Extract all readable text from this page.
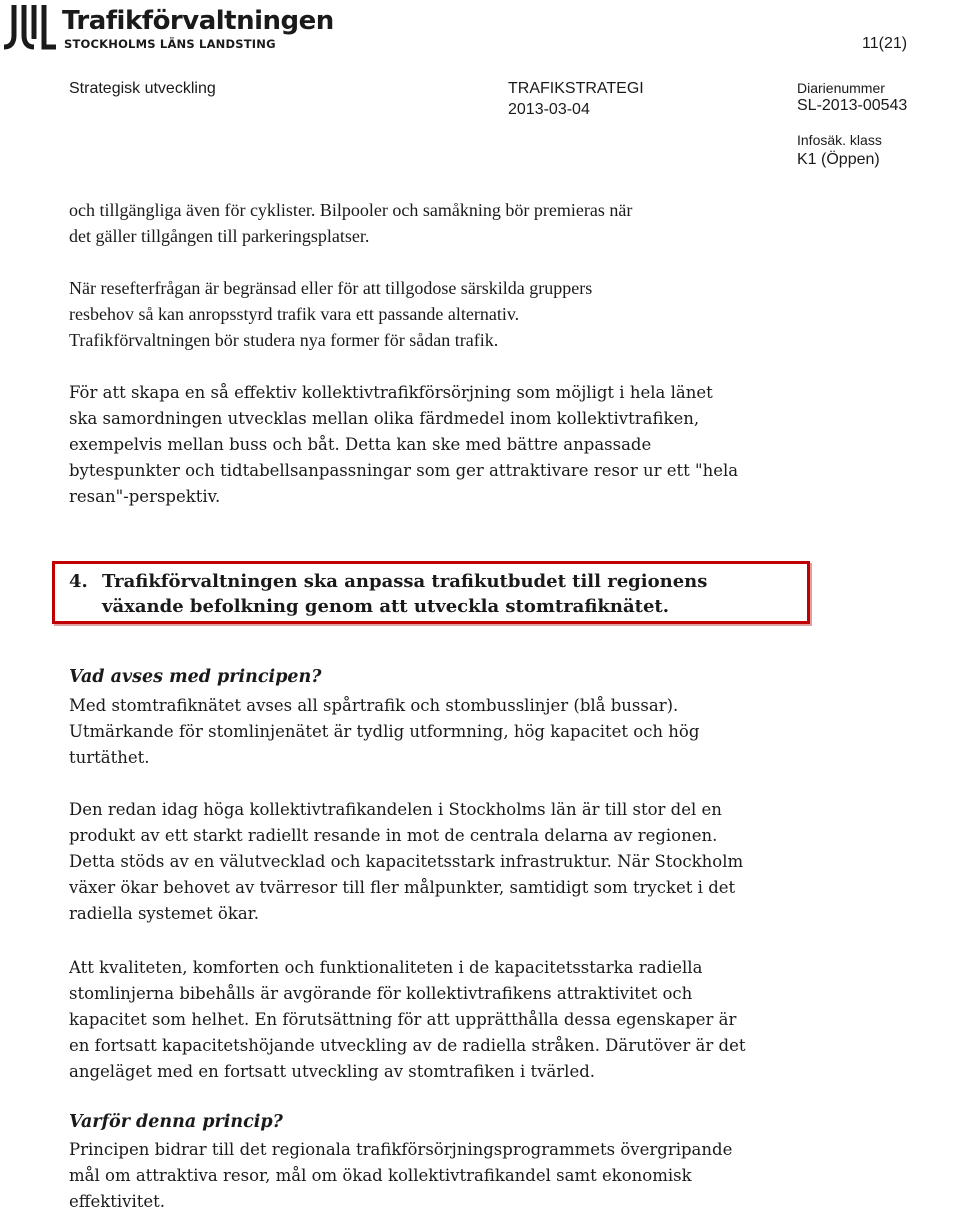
Trafikförvaltningen
STOCKHOLMS LÄNS LANDSTING	11(21)
Strategisk utveckling	TRAFIKSTRATEGI
2013-03-04
Diarienummer
SL-2013-00543
Infosäk. klass
K1 (Öppen)
och tillgängliga även för cyklister. Bilpooler och samåkning bör premieras när
det gäller tillgången till parkeringsplatser.
När resefterfrågan är begränsad eller för att tillgodose särskilda gruppers
resbehov så kan anropsstyrd trafik vara ett passande alternativ.
Trafikförvaltningen bör studera nya former för sådan trafik.
För att skapa en så effektiv kollektivtrafikförsörjning som möjligt i hela länet
ska samordningen utvecklas mellan olika färdmedel inom kollektivtrafiken,
exempelvis mellan buss och båt. Detta kan ske med bättre anpassade
bytespunkter och tidtabellsanpassningar som ger attraktivare resor ur ett "hela
resan"-perspektiv.
4. Trafikförvaltningen ska anpassa trafikutbudet till regionens
växande befolkning genom att utveckla stomtrafiknätet.
Vad avses med principen?
Med stomtrafiknätet avses all spårtrafik och stombusslinjer (blå bussar).
Utmärkande för stomlinjenätet är tydlig utformning, hög kapacitet och hög
turtäthet.
Den redan idag höga kollektivtrafikandelen i Stockholms län är till stor del en
produkt av ett starkt radiellt resande in mot de centrala delarna av regionen.
Detta stöds av en välutvecklad och kapacitetsstark infrastruktur. När Stockholm
växer ökar behovet av tvärresor till fler målpunkter, samtidigt som trycket i det
radiella systemet ökar.
Att kvaliteten, komforten och funktionaliteten i de kapacitetsstarka radiella
stomlinjerna bibehålls är avgörande för kollektivtrafikens attraktivitet och
kapacitet som helhet. En förutsättning för att upprätthålla dessa egenskaper är
en fortsatt kapacitetshöjande utveckling av de radiella stråken. Därutöver är det
angeläget med en fortsatt utveckling av stomtrafiken i tvärled.
Varför denna princip?
Principen bidrar till det regionala trafikförsörjningsprogrammets övergripande
mål om attraktiva resor, mål om ökad kollektivtrafikandel samt ekonomisk
effektivitet.
